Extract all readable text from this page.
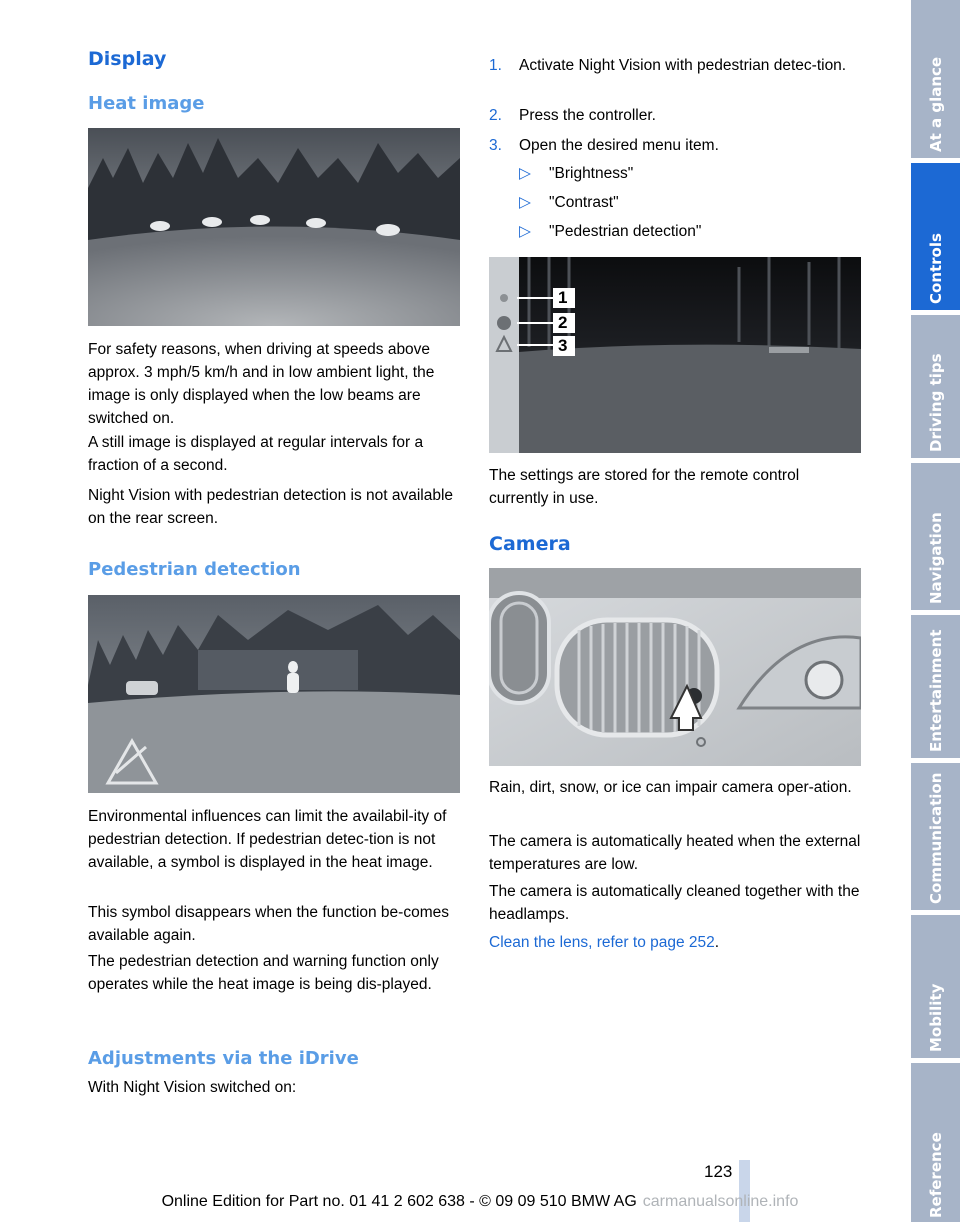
Display
Heat image

For safety reasons, when driving at speeds above approx. 3 mph/5 km/h and in low ambient light, the image is only displayed when the low beams are switched on.

A still image is displayed at regular intervals for a fraction of a second.

Night Vision with pedestrian detection is not available on the rear screen.

Pedestrian detection

Environmental influences can limit the availabil-ity of pedestrian detection. If pedestrian detec-tion is not available, a symbol is displayed in the heat image.

This symbol disappears when the function be-comes available again.

The pedestrian detection and warning function only operates while the heat image is being dis-played.

Adjustments via the iDrive

With Night Vision switched on:

1. Activate Night Vision with pedestrian detec-tion.
2. Press the controller.
3. Open the desired menu item.
▷ "Brightness"
▷ "Contrast"
▷ "Pedestrian detection"
1
2
3

The settings are stored for the remote control currently in use.

Camera

Rain, dirt, snow, or ice can impair camera oper-ation.

The camera is automatically heated when the external temperatures are low.

The camera is automatically cleaned together with the headlamps.

Clean the lens, refer to page 252.

At a glance
Controls
Driving tips
Navigation
Entertainment
Communication
Mobility
Reference
123
Online Edition for Part no. 01 41 2 602 638 - © 09 09 510 BMW AG carmanualsonline.info
